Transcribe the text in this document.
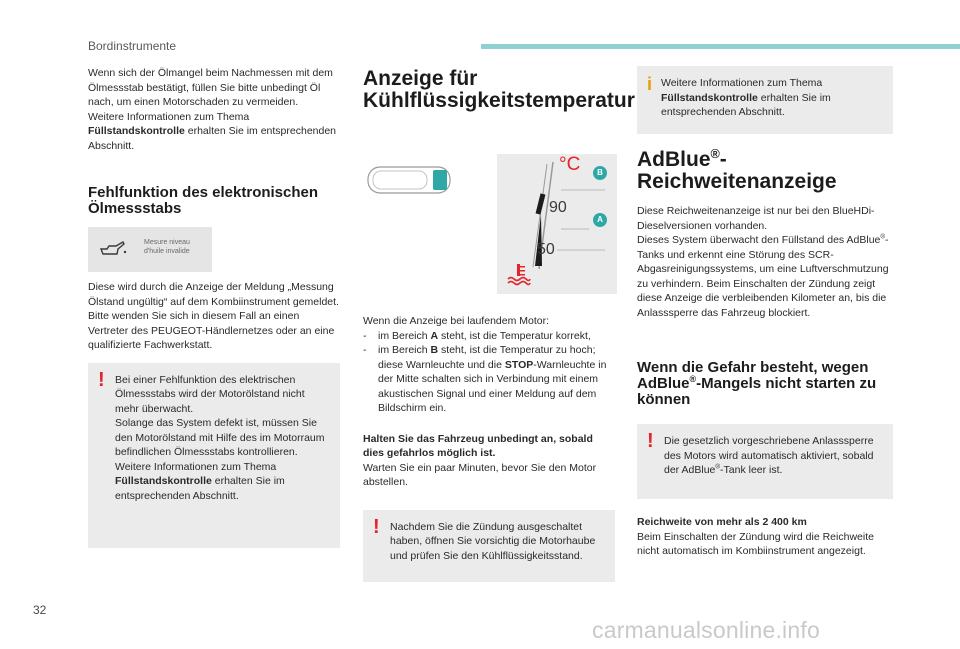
Bordinstrumente

Wenn sich der Ölmangel beim Nachmessen mit dem Ölmessstab bestätigt, füllen Sie bitte unbedingt Öl nach, um einen Motorschaden zu vermeiden.
Weitere Informationen zum Thema Füllstandskontrolle erhalten Sie im entsprechenden Abschnitt.

Fehlfunktion des elektronischen Ölmessstabs
Mesure niveau
d'huile invalide

Diese wird durch die Anzeige der Meldung „Messung Ölstand ungültig“ auf dem Kombiinstrument gemeldet.
Bitte wenden Sie sich in diesem Fall an einen Vertreter des PEUGEOT-Händlernetzes oder an eine qualifizierte Fachwerkstatt.

! Bei einer Fehlfunktion des elektrischen Ölmessstabs wird der Motorölstand nicht mehr überwacht.
Solange das System defekt ist, müssen Sie den Motorölstand mit Hilfe des im Motorraum befindlichen Ölmessstabs kontrollieren.
Weitere Informationen zum Thema Füllstandskontrolle erhalten Sie im entsprechenden Abschnitt.

Anzeige für
Kühlflüssigkeitstemperatur
°C
90
50
B
A

Wenn die Anzeige bei laufendem Motor:

- im Bereich A steht, ist die Temperatur korrekt,
- im Bereich B steht, ist die Temperatur zu hoch; diese Warnleuchte und die STOP-Warnleuchte in der Mitte schalten sich in Verbindung mit einem akustischen Signal und einer Meldung auf dem Bildschirm ein.

Halten Sie das Fahrzeug unbedingt an, sobald dies gefahrlos möglich ist.
Warten Sie ein paar Minuten, bevor Sie den Motor abstellen.

! Nachdem Sie die Zündung ausgeschaltet haben, öffnen Sie vorsichtig die Motorhaube und prüfen Sie den Kühlflüssigkeitsstand.

i Weitere Informationen zum Thema Füllstandskontrolle erhalten Sie im entsprechenden Abschnitt.

AdBlue®-Reichweitenanzeige

Diese Reichweitenanzeige ist nur bei den BlueHDi-Dieselversionen vorhanden.
Dieses System überwacht den Füllstand des AdBlue®-Tanks und erkennt eine Störung des SCR-Abgasreinigungssystems, um eine Luftverschmutzung zu verhindern. Beim Einschalten der Zündung zeigt diese Anzeige die verbleibenden Kilometer an, bis die Anlasssperre das Fahrzeug blockiert.

Wenn die Gefahr besteht, wegen
AdBlue®-Mangels nicht starten zu
können
! Die gesetzlich vorgeschriebene Anlasssperre des Motors wird automatisch aktiviert, sobald der AdBlue®-Tank leer ist.

Reichweite von mehr als 2 400 km
Beim Einschalten der Zündung wird die Reichweite nicht automatisch im Kombiinstrument angezeigt.

32
carmanualsonline.info
